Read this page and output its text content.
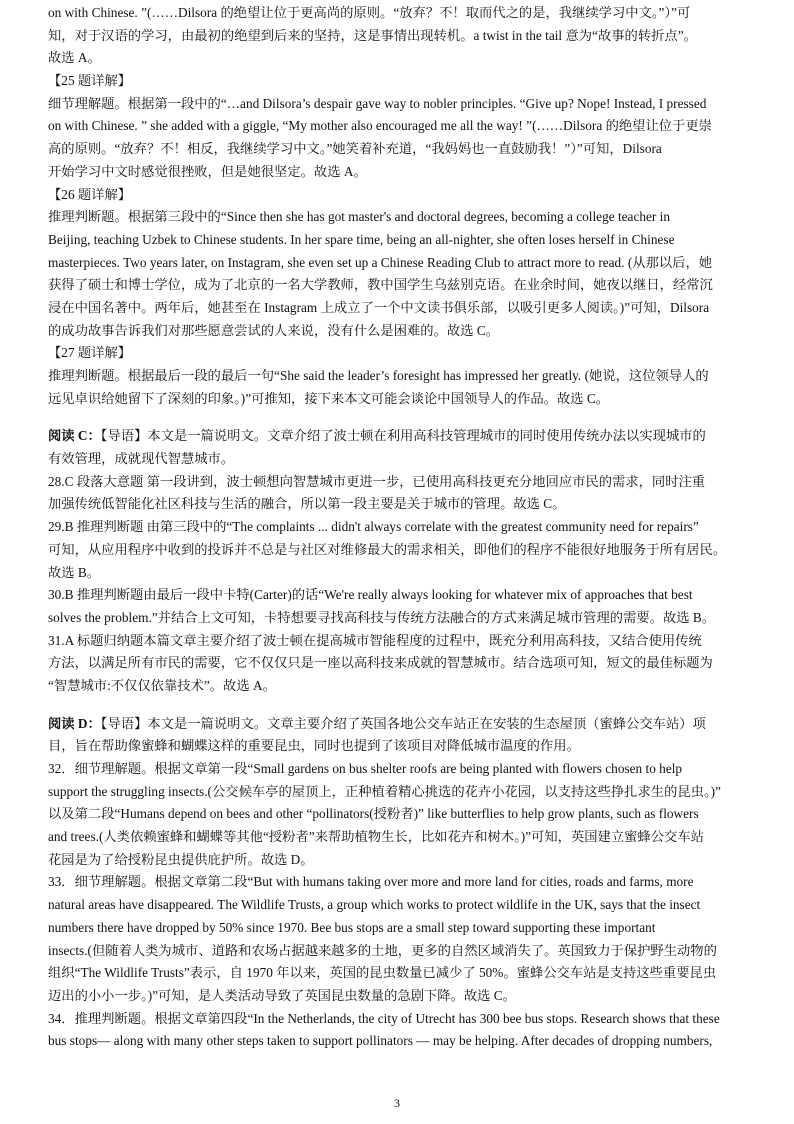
on with Chinese. ”(……Dilsora 的绝望让位于更高尚的原则。“放弃？不！取而代之的是，我继续学习中文。”）”可
知，对于汉语的学习，由最初的绝望到后来的坚持，这是事情出现转机。a twist in the tail 意为“故事的转折点”。
故选 A。
【25 题详解】
细节理解题。根据第一段中的“…and Dilsora’s despair gave way to nobler principles. “Give up? Nope! Instead, I pressed
on with Chinese. ” she added with a giggle, “My mother also encouraged me all the way! ”(……Dilsora 的绝望让位于更崇
高的原则。“放弃？不！相反，我继续学习中文。”她笑着补充道，“我妈妈也一直鼓励我！”）”可知，Dilsora
开始学习中文时感觉很挫败，但是她很坚定。故选 A。
【26 题详解】
推理判断题。根据第三段中的“Since then she has got master's and doctoral degrees, becoming a college teacher in
Beijing, teaching Uzbek to Chinese students. In her spare time, being an all-nighter, she often loses herself in Chinese
masterpieces. Two years later, on Instagram, she even set up a Chinese Reading Club to attract more to read. (从那以后，她
获得了硕士和博士学位，成为了北京的一名大学教师，教中国学生乌兹别克语。在业余时间，她夜以继日，经常沉
浸在中国名著中。两年后，她甚至在 Instagram 上成立了一个中文读书俱乐部，以吸引更多人阅读。)”可知，Dilsora
的成功故事告诉我们对那些愿意尝试的人来说，没有什么是困难的。故选 C。
【27 题详解】
推理判断题。根据最后一段的最后一句“She said the leader’s foresight has impressed her greatly. (她说，这位领导人的
远见卓识给她留下了深刻的印象。)”可推知，接下来本文可能会谈论中国领导人的作品。故选 C。
阅读 C：【导语】本文是一篇说明文。文章介绍了波士顿在利用高科技管理城市的同时使用传统办法以实现城市的
有效管理，成就现代智慧城市。
28.C 段落大意题 第一段讲到，波士顿想向智慧城市更进一步，已使用高科技更充分地回应市民的需求，同时注重
加强传统低智能化社区科技与生活的融合，所以第一段主要是关于城市的管理。故选 C。
29.B 推理判断题 由第三段中的“The complaints ... didn't always correlate with the greatest community need for repairs”
可知，从应用程序中收到的投诉并不总是与社区对维修最大的需求相关，即他们的程序不能很好地服务于所有居民。
故选 B。
30.B 推理判断题由最后一段中卡特(Carter)的话“We're really always looking for whatever mix of approaches that best
solves the problem.”并结合上文可知，卡特想要寻找高科技与传统方法融合的方式来满足城市管理的需要。故选 B。
31.A 标题归纳题本篇文章主要介绍了波士顿在提高城市智能程度的过程中，既充分利用高科技，又结合使用传统
方法，以满足所有市民的需要，它不仅仅只是一座以高科技来成就的智慧城市。结合选项可知，短文的最佳标题为
“智慧城市:不仅仅依靠技术”。故选 A。
阅读 D：【导语】本文是一篇说明文。文章主要介绍了英国各地公交车站正在安装的生态屋顶（蜜蜂公交车站）项
目，旨在帮助像蜜蜂和蝴蝶这样的重要昆虫，同时也提到了该项目对降低城市温度的作用。
32．细节理解题。根据文章第一段“Small gardens on bus shelter roofs are being planted with flowers chosen to help
support the struggling insects.(公交候车亭的屋顶上，正种植着精心挑选的花卉小花园，以支持这些挣扎求生的昆虫。)”
以及第二段“Humans depend on bees and other “pollinators(授粉者)” like butterflies to help grow plants, such as flowers
and trees.(人类依赖蜜蜂和蝴蝶等其他“授粉者”来帮助植物生长，比如花卉和树木。)”可知，英国建立蜜蜂公交车站
花园是为了给授粉昆虫提供庇护所。故选 D。
33．细节理解题。根据文章第二段“But with humans taking over more and more land for cities, roads and farms, more
natural areas have disappeared. The Wildlife Trusts, a group which works to protect wildlife in the UK, says that the insect
numbers there have dropped by 50% since 1970. Bee bus stops are a small step toward supporting these important
insects.(但随着人类为城市、道路和农场占据越来越多的土地，更多的自然区域消失了。英国致力于保护野生动物的
组织“The Wildlife Trusts”表示，自 1970 年以来，英国的昆虫数量已减少了 50%。蜜蜂公交车站是支持这些重要昆虫
迈出的小小一步。)”可知，是人类活动导致了英国昆虫数量的急剧下降。故选 C。
34．推理判断题。根据文章第四段“In the Netherlands, the city of Utrecht has 300 bee bus stops. Research shows that these
bus stops— along with many other steps taken to support pollinators — may be helping. After decades of dropping numbers,
3
